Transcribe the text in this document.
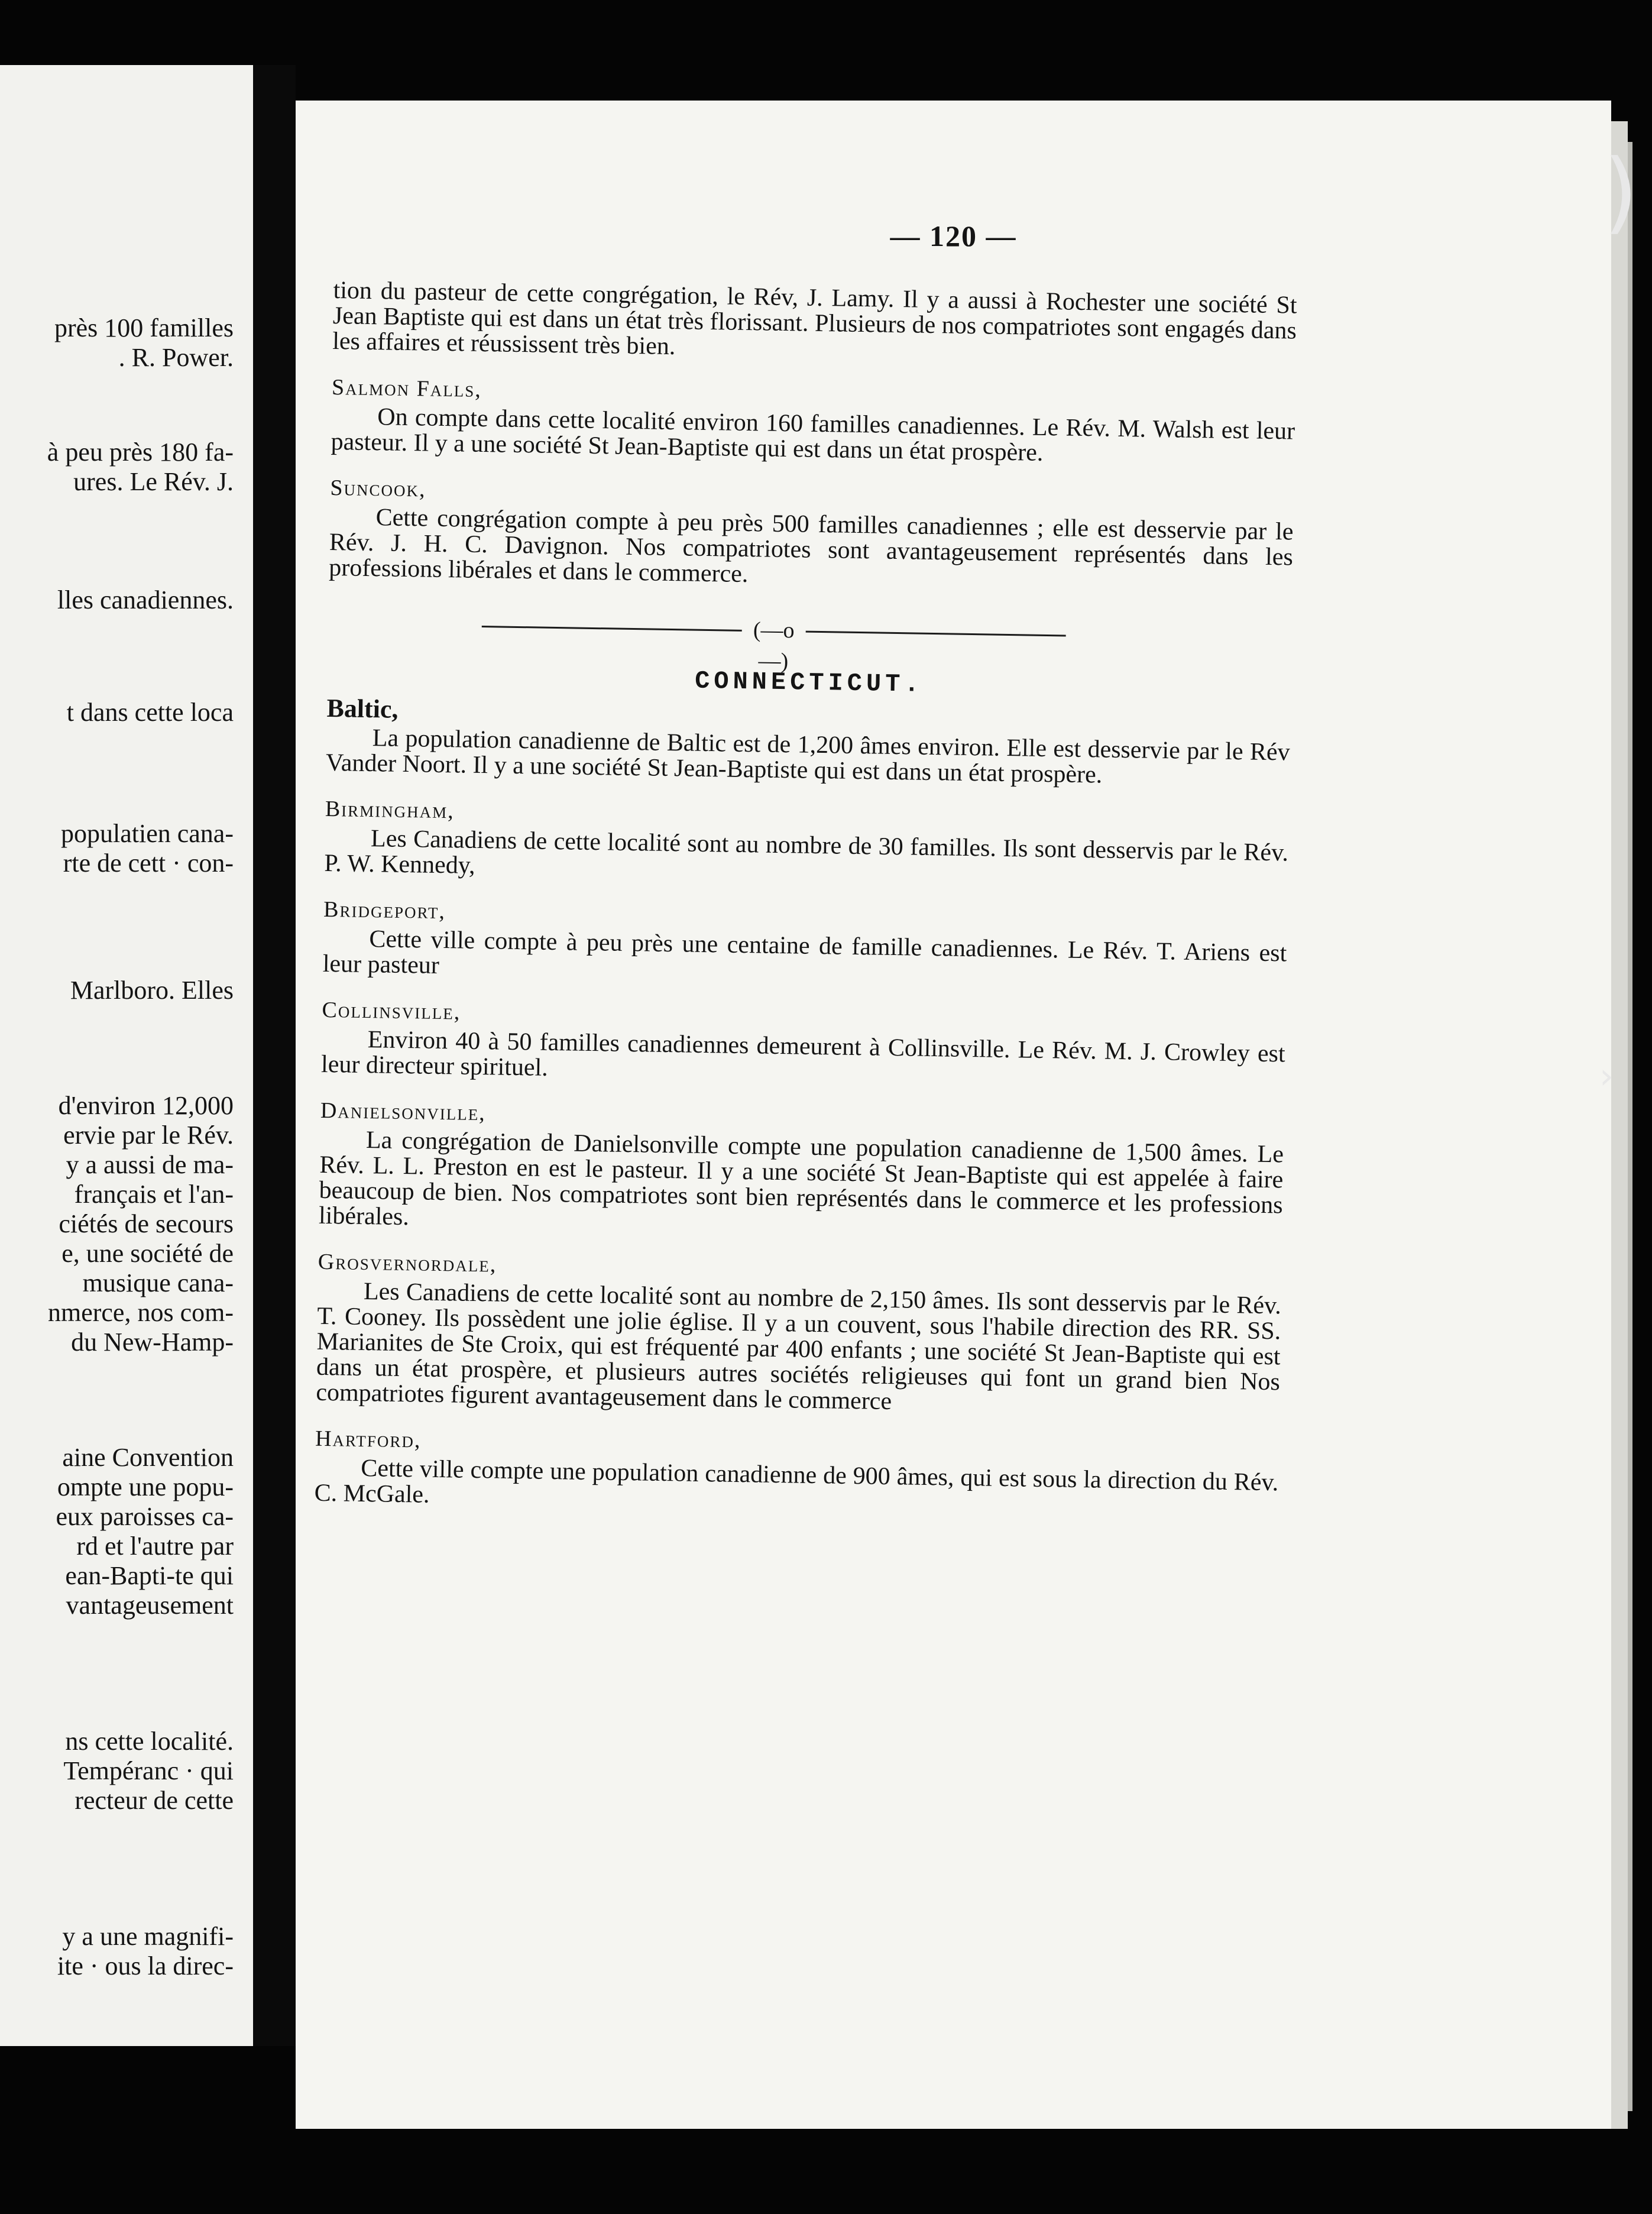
près 100 familles
. R. Power.
à peu près 180 fa-
ures. Le Rév. J.
lles canadiennes.
t dans cette loca
populatien cana-
rte de cett · con-
Marlboro. Elles
d'environ 12,000
ervie par le Rév.
y a aussi de ma-
français et l'an-
ciétés de secours
e, une société de
musique cana-
nmerce, nos com-
du New-Hamp-
aine Convention
ompte une popu-
eux paroisses ca-
rd et l'autre par
ean-Bapti-te qui
vantageusement
ns cette localité.
Tempéranc · qui
recteur de cette
y a une magnifi-
ite · ous la direc-
— 120 —

tion du pasteur de cette congrégation, le Rév, J. Lamy. Il y a aussi à Rochester une société St Jean Baptiste qui est dans un état très florissant. Plusieurs de nos compatriotes sont engagés dans les affaires et réussissent très bien.

Salmon Falls,

On compte dans cette localité environ 160 familles canadiennes. Le Rév. M. Walsh est leur pasteur. Il y a une société St Jean-Baptiste qui est dans un état prospère.

Suncook,

Cette congrégation compte à peu près 500 familles canadiennes ; elle est desservie par le Rév. J. H. C. Davignon. Nos compatriotes sont avantageusement représentés dans les professions libérales et dans le commerce.

(—o—)
CONNECTICUT.
Baltic,

La population canadienne de Baltic est de 1,200 âmes environ. Elle est desservie par le Rév Vander Noort. Il y a une société St Jean-Baptiste qui est dans un état prospère.

Birmingham,

Les Canadiens de cette localité sont au nombre de 30 familles. Ils sont desservis par le Rév. P. W. Kennedy,

Bridgeport,

Cette ville compte à peu près une centaine de famille canadiennes. Le Rév. T. Ariens est leur pasteur

Collinsville,

Environ 40 à 50 familles canadiennes demeurent à Collinsville. Le Rév. M. J. Crowley est leur directeur spirituel.

Danielsonville,

La congrégation de Danielsonville compte une population canadienne de 1,500 âmes. Le Rév. L. L. Preston en est le pasteur. Il y a une société St Jean-Baptiste qui est appelée à faire beaucoup de bien. Nos compatriotes sont bien représentés dans le commerce et les professions libérales.

Grosvernordale,

Les Canadiens de cette localité sont au nombre de 2,150 âmes. Ils sont desservis par le Rév. T. Cooney. Ils possèdent une jolie église. Il y a un couvent, sous l'habile direction des RR. SS. Marianites de Ste Croix, qui est fréquenté par 400 enfants ; une société St Jean-Baptiste qui est dans un état prospère, et plusieurs autres sociétés religieuses qui font un grand bien Nos compatriotes figurent avantageusement dans le commerce

Hartford,

Cette ville compte une population canadienne de 900 âmes, qui est sous la direction du Rév. C. McGale.

)
›
